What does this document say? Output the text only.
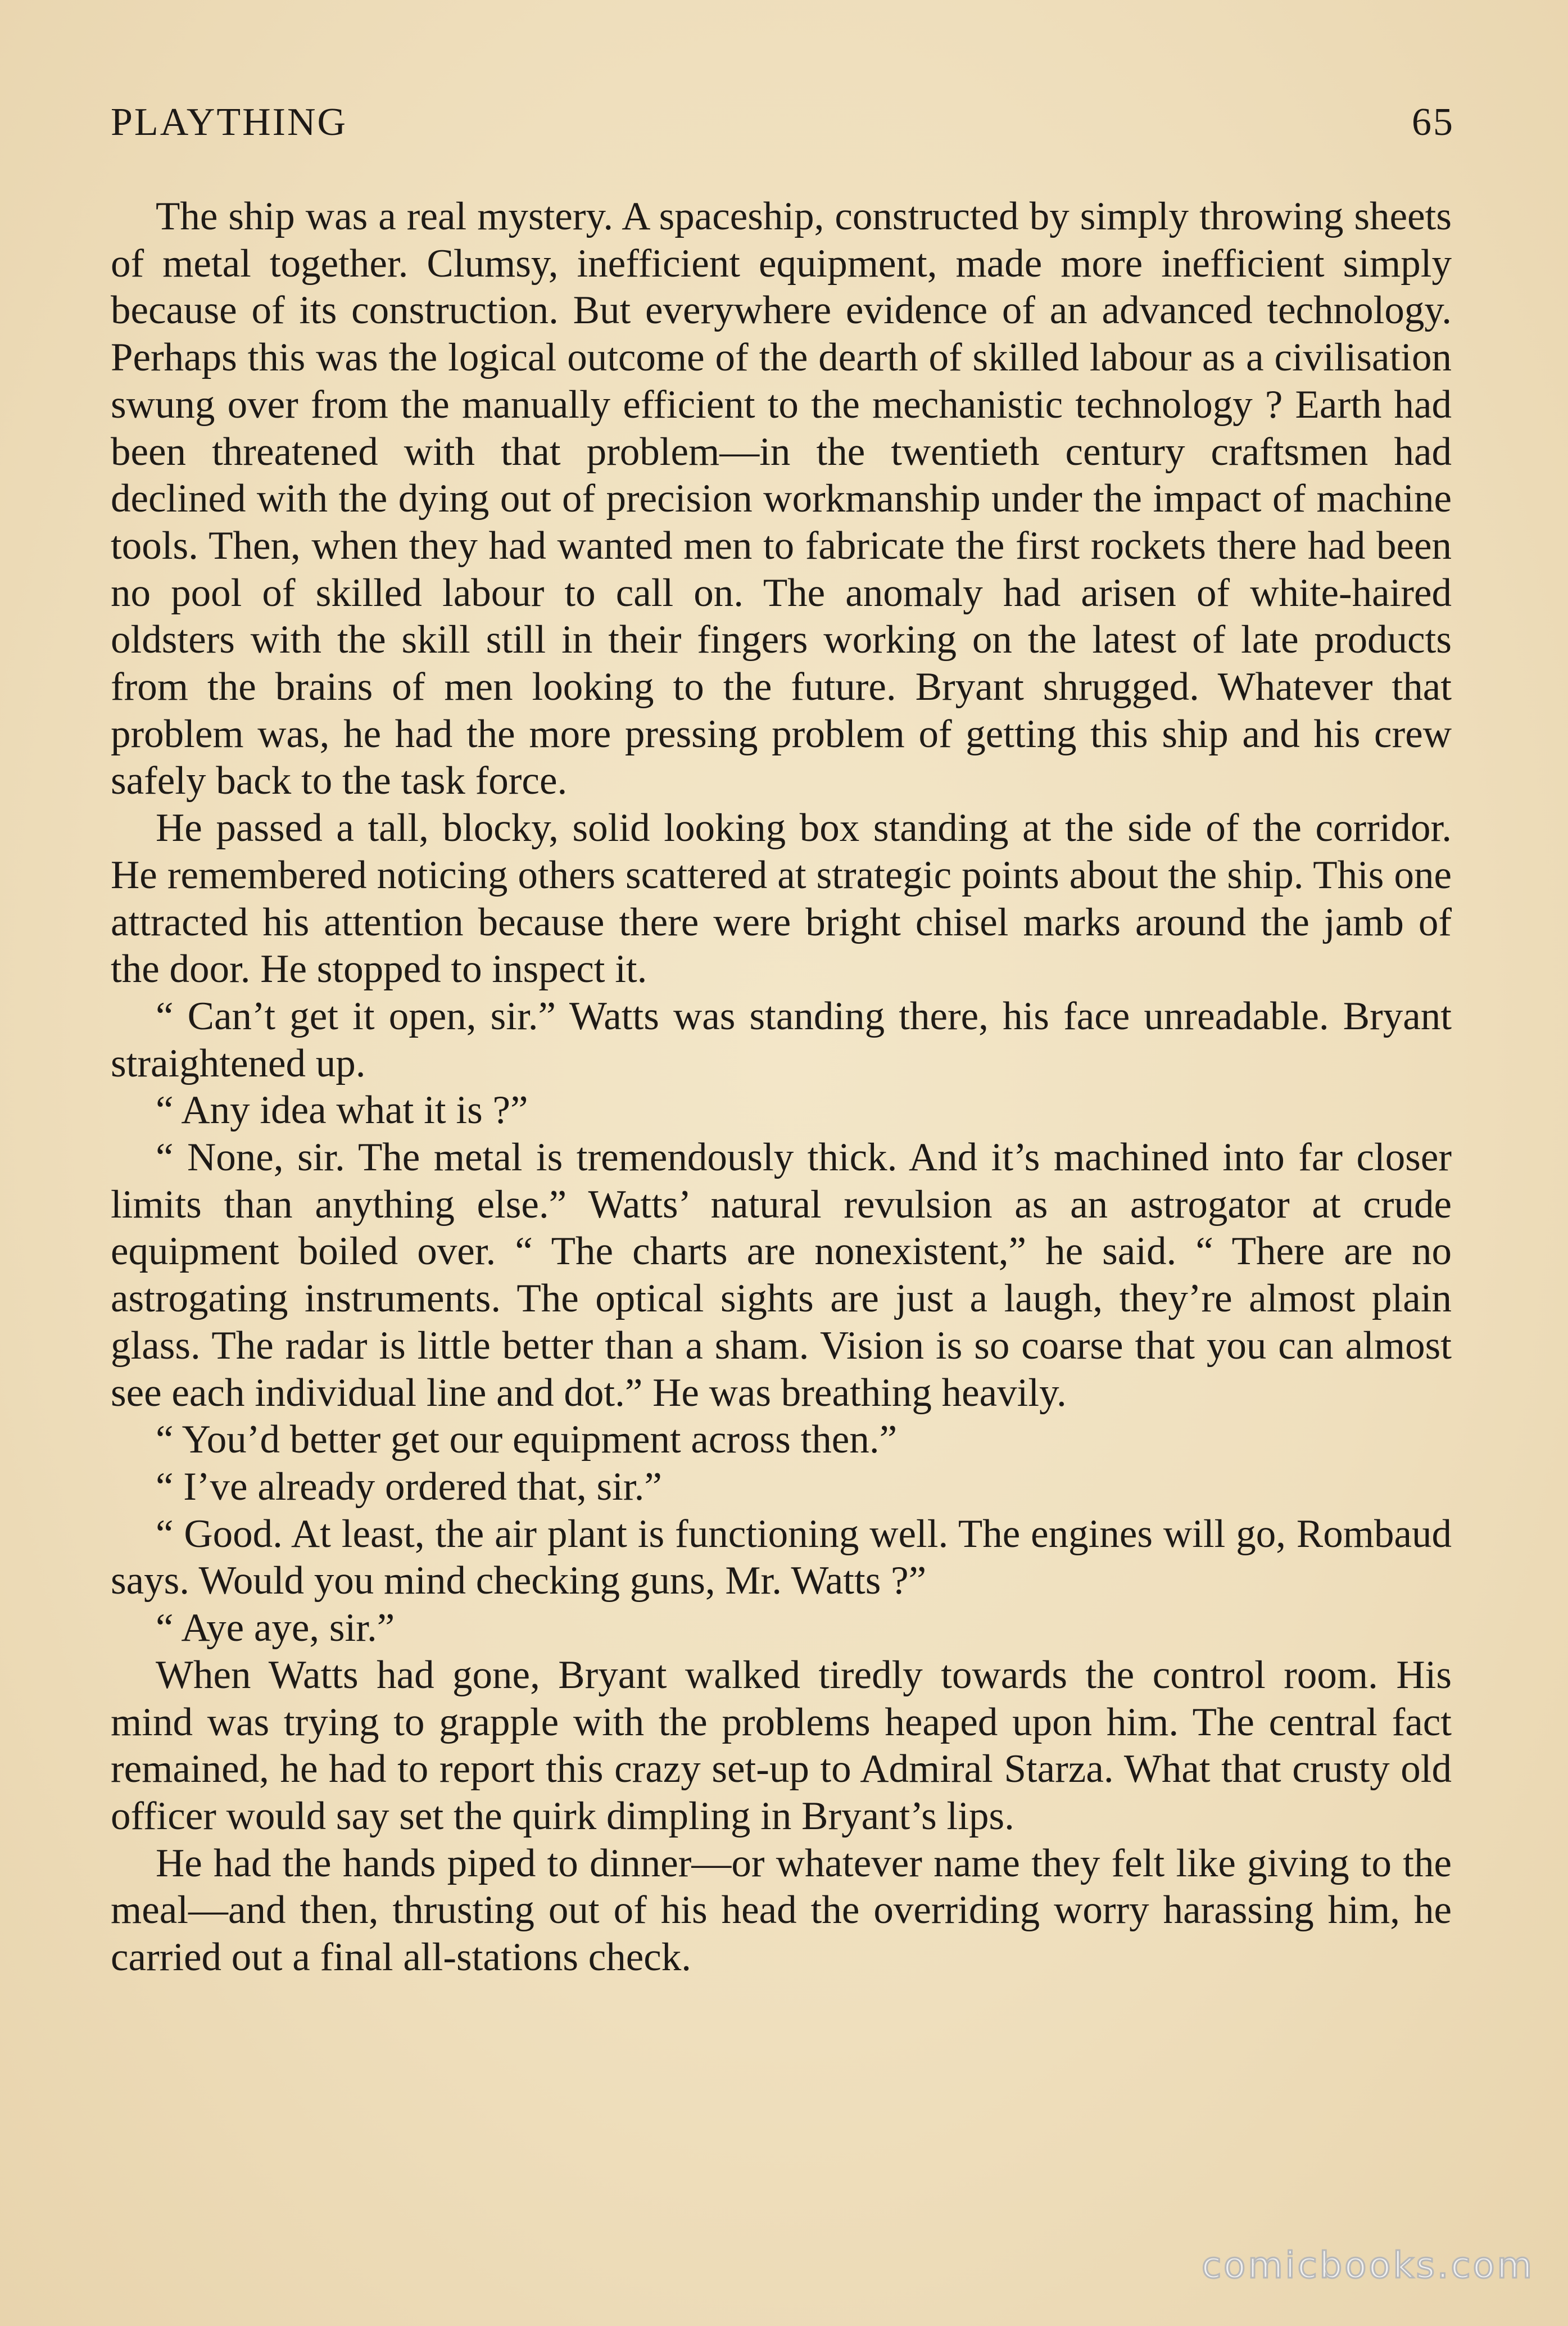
PLAYTHING	65

The ship was a real mystery. A spaceship, constructed by simply throwing sheets of metal together. Clumsy, inefficient equipment, made more inefficient simply because of its construction. But everywhere evidence of an advanced technology. Perhaps this was the logical outcome of the dearth of skilled labour as a civilisation swung over from the manually efficient to the mechanistic technology ? Earth had been threatened with that problem—in the twentieth century craftsmen had declined with the dying out of precision workmanship under the impact of machine tools. Then, when they had wanted men to fabricate the first rockets there had been no pool of skilled labour to call on. The anomaly had arisen of white-haired oldsters with the skill still in their fingers working on the latest of late products from the brains of men looking to the future. Bryant shrugged. Whatever that problem was, he had the more pressing problem of getting this ship and his crew safely back to the task force.

He passed a tall, blocky, solid looking box standing at the side of the corridor. He remembered noticing others scattered at strategic points about the ship. This one attracted his attention because there were bright chisel marks around the jamb of the door. He stopped to inspect it.

“ Can’t get it open, sir.” Watts was standing there, his face unreadable. Bryant straightened up.

“ Any idea what it is ?”

“ None, sir. The metal is tremendously thick. And it’s machined into far closer limits than anything else.” Watts’ natural revulsion as an astrogator at crude equipment boiled over. “ The charts are nonexistent,” he said. “ There are no astrogating instruments. The optical sights are just a laugh, they’re almost plain glass. The radar is little better than a sham. Vision is so coarse that you can almost see each individual line and dot.” He was breathing heavily.

“ You’d better get our equipment across then.”

“ I’ve already ordered that, sir.”

“ Good. At least, the air plant is functioning well. The engines will go, Rombaud says. Would you mind checking guns, Mr. Watts ?”

“ Aye aye, sir.”

When Watts had gone, Bryant walked tiredly towards the control room. His mind was trying to grapple with the problems heaped upon him. The central fact remained, he had to report this crazy set-up to Admiral Starza. What that crusty old officer would say set the quirk dimpling in Bryant’s lips.

He had the hands piped to dinner—or whatever name they felt like giving to the meal—and then, thrusting out of his head the overriding worry harassing him, he carried out a final all-stations check.

comicbooks.com
